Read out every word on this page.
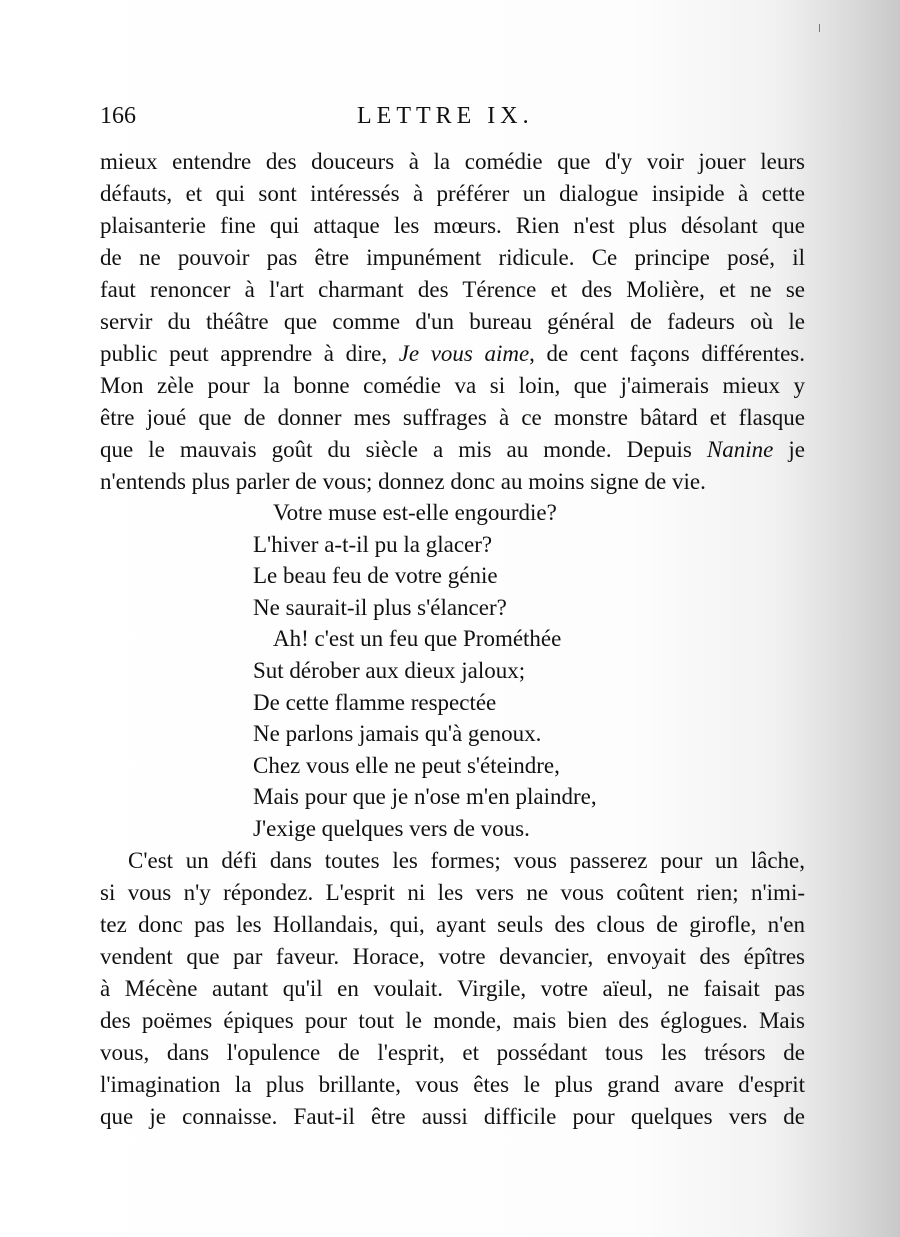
166	LETTRE IX.
mieux entendre des douceurs à la comédie que d'y voir jouer leurs
défauts, et qui sont intéressés à préférer un dialogue insipide à cette
plaisanterie fine qui attaque les mœurs. Rien n'est plus désolant que
de ne pouvoir pas être impunément ridicule. Ce principe posé, il
faut renoncer à l'art charmant des Térence et des Molière, et ne se
servir du théâtre que comme d'un bureau général de fadeurs où le
public peut apprendre à dire, Je vous aime, de cent façons différentes.
Mon zèle pour la bonne comédie va si loin, que j'aimerais mieux y
être joué que de donner mes suffrages à ce monstre bâtard et flasque
que le mauvais goût du siècle a mis au monde. Depuis Nanine je
n'entends plus parler de vous; donnez donc au moins signe de vie.
Votre muse est-elle engourdie?
L'hiver a-t-il pu la glacer?
Le beau feu de votre génie
Ne saurait-il plus s'élancer?
Ah! c'est un feu que Prométhée
Sut dérober aux dieux jaloux;
De cette flamme respectée
Ne parlons jamais qu'à genoux.
Chez vous elle ne peut s'éteindre,
Mais pour que je n'ose m'en plaindre,
J'exige quelques vers de vous.
C'est un défi dans toutes les formes; vous passerez pour un lâche,
si vous n'y répondez. L'esprit ni les vers ne vous coûtent rien; n'imi-
tez donc pas les Hollandais, qui, ayant seuls des clous de girofle, n'en
vendent que par faveur. Horace, votre devancier, envoyait des épîtres
à Mécène autant qu'il en voulait. Virgile, votre aïeul, ne faisait pas
des poëmes épiques pour tout le monde, mais bien des églogues. Mais
vous, dans l'opulence de l'esprit, et possédant tous les trésors de
l'imagination la plus brillante, vous êtes le plus grand avare d'esprit
que je connaisse. Faut-il être aussi difficile pour quelques vers de
